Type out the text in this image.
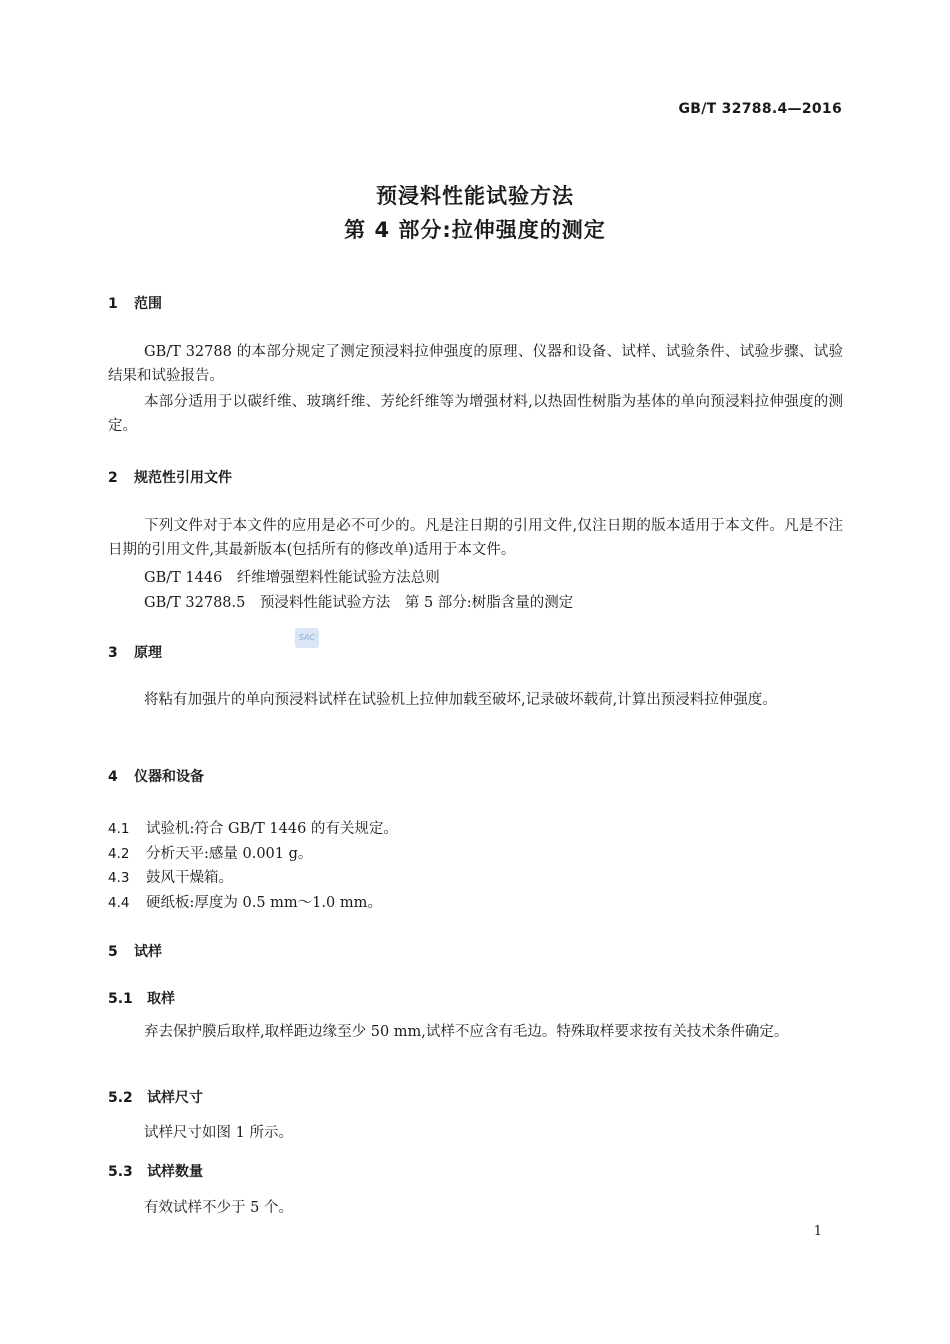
GB/T 32788.4—2016
预浸料性能试验方法
第 4 部分:拉伸强度的测定
1 范围
GB/T 32788 的本部分规定了测定预浸料拉伸强度的原理、仪器和设备、试样、试验条件、试验步骤、试验结果和试验报告。
本部分适用于以碳纤维、玻璃纤维、芳纶纤维等为增强材料,以热固性树脂为基体的单向预浸料拉伸强度的测定。
2 规范性引用文件
下列文件对于本文件的应用是必不可少的。凡是注日期的引用文件,仅注日期的版本适用于本文件。凡是不注日期的引用文件,其最新版本(包括所有的修改单)适用于本文件。
GB/T 1446　纤维增强塑料性能试验方法总则
GB/T 32788.5　预浸料性能试验方法　第 5 部分:树脂含量的测定
SAC
3 原理
将粘有加强片的单向预浸料试样在试验机上拉伸加载至破坏,记录破坏载荷,计算出预浸料拉伸强度。
4 仪器和设备
4.1 试验机:符合 GB/T 1446 的有关规定。
4.2 分析天平:感量 0.001 g。
4.3 鼓风干燥箱。
4.4 硬纸板:厚度为 0.5 mm～1.0 mm。
5 试样
5.1 取样
弃去保护膜后取样,取样距边缘至少 50 mm,试样不应含有毛边。特殊取样要求按有关技术条件确定。
5.2 试样尺寸
试样尺寸如图 1 所示。
5.3 试样数量
有效试样不少于 5 个。
1
